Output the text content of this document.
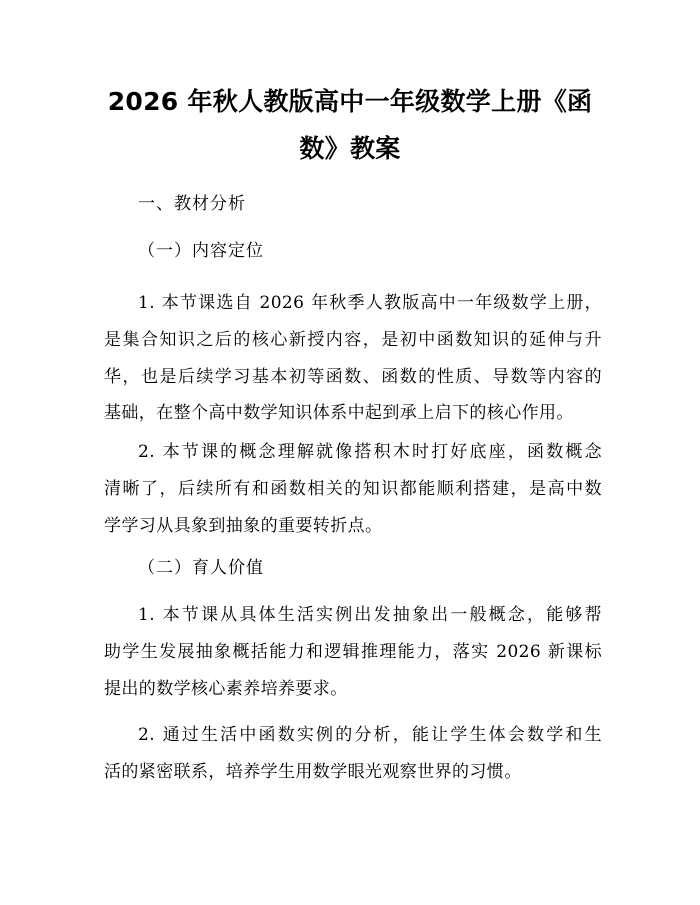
2026 年秋人教版高中一年级数学上册《函
数》教案
一、教材分析
（一）内容定位
1. 本节课选自 2026 年秋季人教版高中一年级数学上册，
是集合知识之后的核心新授内容，是初中函数知识的延伸与升
华，也是后续学习基本初等函数、函数的性质、导数等内容的
基础，在整个高中数学知识体系中起到承上启下的核心作用。
2. 本节课的概念理解就像搭积木时打好底座，函数概念
清晰了，后续所有和函数相关的知识都能顺利搭建，是高中数
学学习从具象到抽象的重要转折点。
（二）育人价值
1. 本节课从具体生活实例出发抽象出一般概念，能够帮
助学生发展抽象概括能力和逻辑推理能力，落实 2026 新课标
提出的数学核心素养培养要求。
2. 通过生活中函数实例的分析，能让学生体会数学和生
活的紧密联系，培养学生用数学眼光观察世界的习惯。
